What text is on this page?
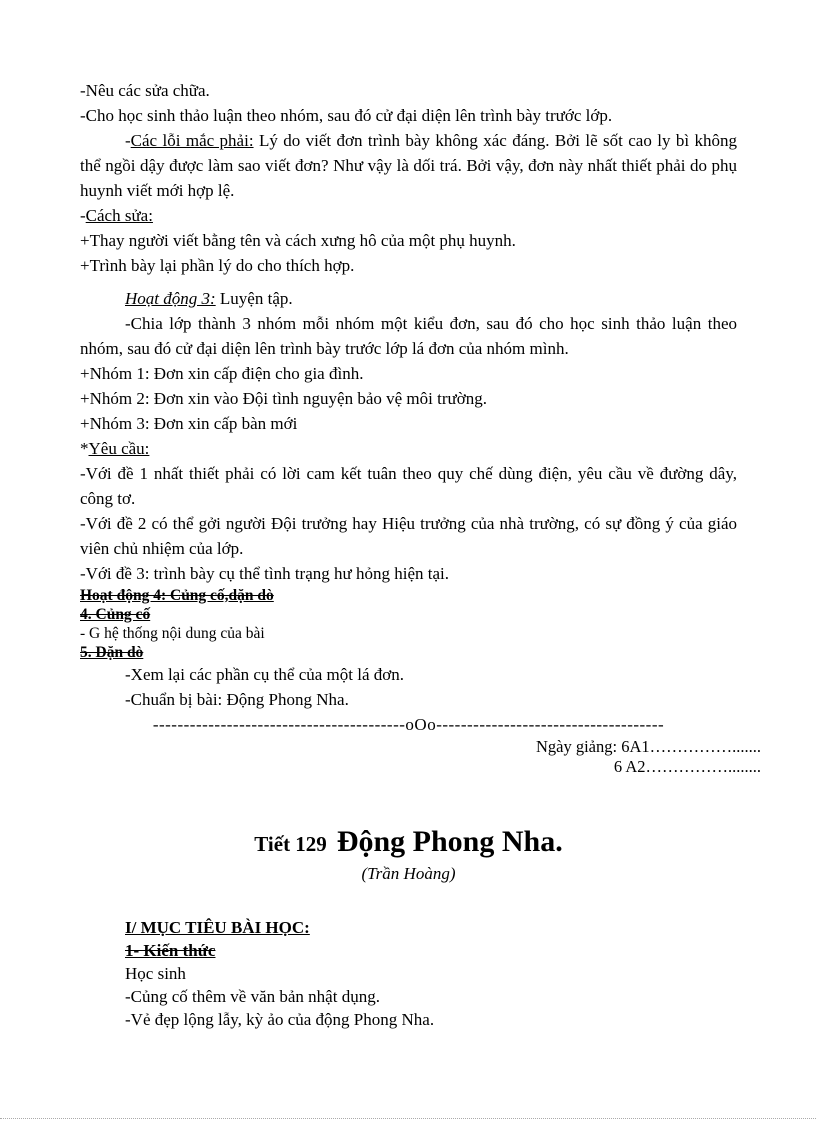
-Nêu các sửa chữa.

-Cho học sinh thảo luận theo nhóm, sau đó cử đại diện lên trình bày trước lớp.

-Các lỗi mắc phải: Lý do viết đơn trình bày không xác đáng. Bởi lẽ sốt cao ly bì không thể ngồi dậy được làm sao viết đơn? Như vậy là dối trá. Bởi vậy, đơn này nhất thiết phải do phụ huynh viết mới hợp lệ.

-Cách sửa:

+Thay người viết bằng tên và cách xưng hô của một phụ huynh.

+Trình bày lại phần lý do cho thích hợp.

Hoạt động 3: Luyện tập.

-Chia lớp thành 3 nhóm mỗi nhóm một kiểu đơn, sau đó cho học sinh thảo luận theo nhóm, sau đó cử đại diện lên trình bày trước lớp lá đơn của nhóm mình.

+Nhóm 1: Đơn xin cấp điện cho gia đình.

+Nhóm 2: Đơn xin vào Đội tình nguyện bảo vệ môi trường.

+Nhóm 3: Đơn xin cấp bàn mới

*Yêu cầu:

-Với đề 1 nhất thiết phải có lời cam kết tuân theo quy chế dùng điện, yêu cầu về đường dây, công tơ.

-Với đề 2 có thể gởi người Đội trưởng hay Hiệu trưởng của nhà trường, có sự đồng ý của giáo viên chủ nhiệm của lớp.

-Với đề 3: trình bày cụ thể tình trạng hư hỏng hiện tại.

Hoạt động 4: Củng cố,dặn dò

4. Củng cố

- G hệ thống nội dung của bài

5. Dặn dò

-Xem lại các phần cụ thể của một lá đơn.

-Chuẩn bị bài: Động Phong Nha.

-----------------------------------------oOo-------------------------------------

Ngày giảng: 6A1…………….......

6 A2……………........

Tiết 129 Động Phong Nha.

(Trần Hoàng)

I/ MỤC TIÊU BÀI HỌC:

1- Kiến thức

Học sinh

-Củng cố thêm về văn bản nhật dụng.

-Vẻ đẹp lộng lẫy, kỳ ảo của động Phong Nha.
